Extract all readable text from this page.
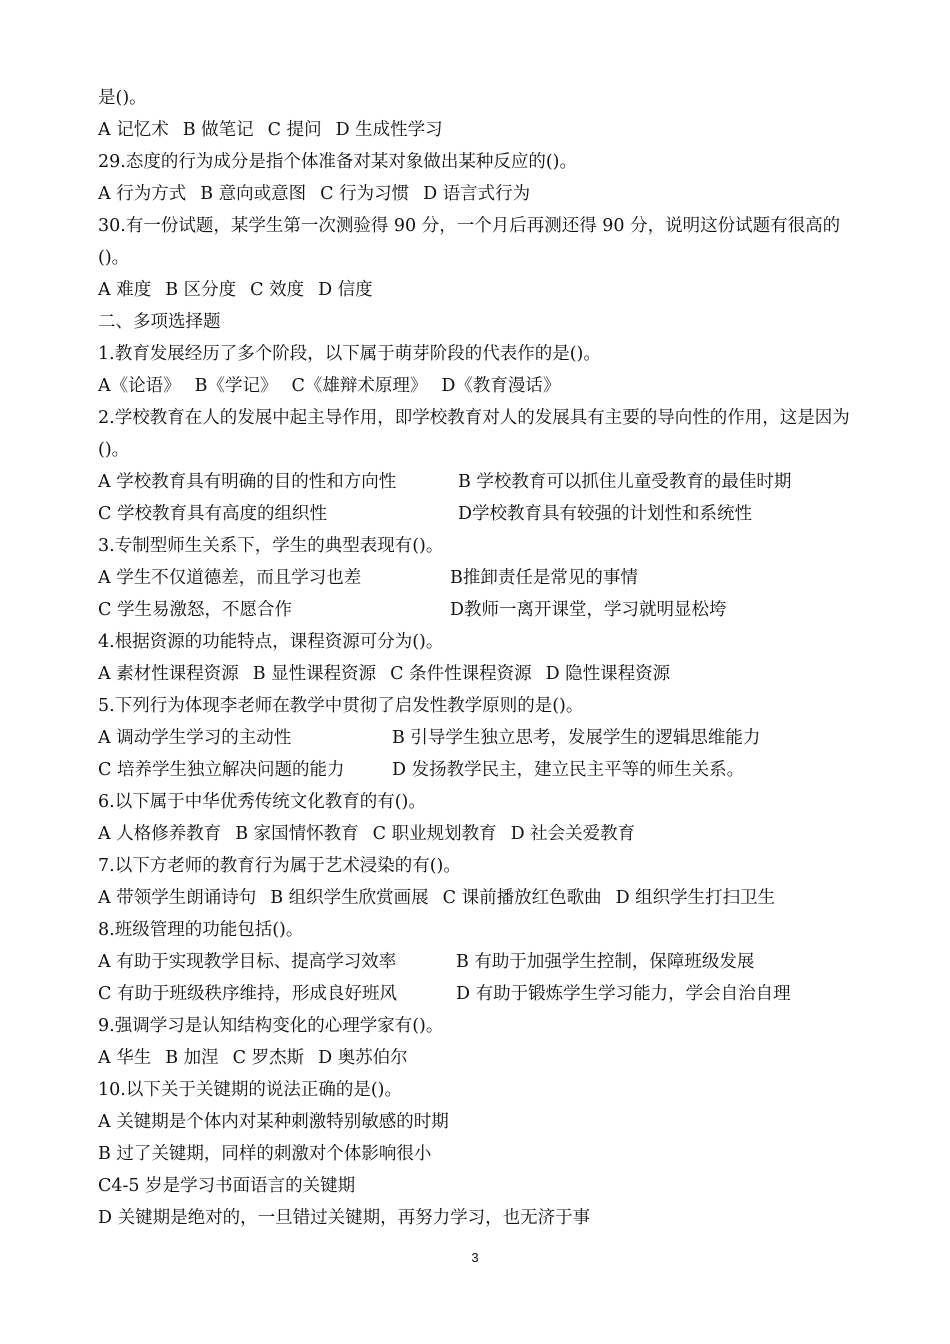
是()。
A 记忆术 B 做笔记 C 提问 D 生成性学习
29.态度的行为成分是指个体准备对某对象做出某种反应的()。
A 行为方式 B 意向或意图 C 行为习惯 D 语言式行为
30.有一份试题，某学生第一次测验得 90 分，一个月后再测还得 90 分，说明这份试题有很高的()。
A 难度 B 区分度 C 效度 D 信度
二、多项选择题
1.教育发展经历了多个阶段，以下属于萌芽阶段的代表作的是()。
A《论语》 B《学记》 C《雄辩术原理》 D《教育漫话》
2.学校教育在人的发展中起主导作用，即学校教育对人的发展具有主要的导向性的作用，这是因为()。
A 学校教育具有明确的目的性和方向性	B 学校教育可以抓住儿童受教育的最佳时期
C 学校教育具有高度的组织性	D学校教育具有较强的计划性和系统性
3.专制型师生关系下，学生的典型表现有()。
A 学生不仅道德差，而且学习也差	B推卸责任是常见的事情
C 学生易激怒，不愿合作	D教师一离开课堂，学习就明显松垮
4.根据资源的功能特点，课程资源可分为()。
A 素材性课程资源 B 显性课程资源 C 条件性课程资源 D 隐性课程资源
5.下列行为体现李老师在教学中贯彻了启发性教学原则的是()。
A 调动学生学习的主动性	B 引导学生独立思考，发展学生的逻辑思维能力
C 培养学生独立解决问题的能力	D 发扬教学民主，建立民主平等的师生关系。
6.以下属于中华优秀传统文化教育的有()。
A 人格修养教育 B 家国情怀教育 C 职业规划教育 D 社会关爱教育
7.以下方老师的教育行为属于艺术浸染的有()。
A 带领学生朗诵诗句 B 组织学生欣赏画展 C 课前播放红色歌曲 D 组织学生打扫卫生
8.班级管理的功能包括()。
A 有助于实现教学目标、提高学习效率	B 有助于加强学生控制，保障班级发展
C 有助于班级秩序维持，形成良好班风	D 有助于锻炼学生学习能力，学会自治自理
9.强调学习是认知结构变化的心理学家有()。
A 华生 B 加涅 C 罗杰斯 D 奥苏伯尔
10.以下关于关键期的说法正确的是()。
A 关键期是个体内对某种刺激特别敏感的时期
B 过了关键期，同样的刺激对个体影响很小
C4-5 岁是学习书面语言的关键期
D 关键期是绝对的，一旦错过关键期，再努力学习，也无济于事
3
